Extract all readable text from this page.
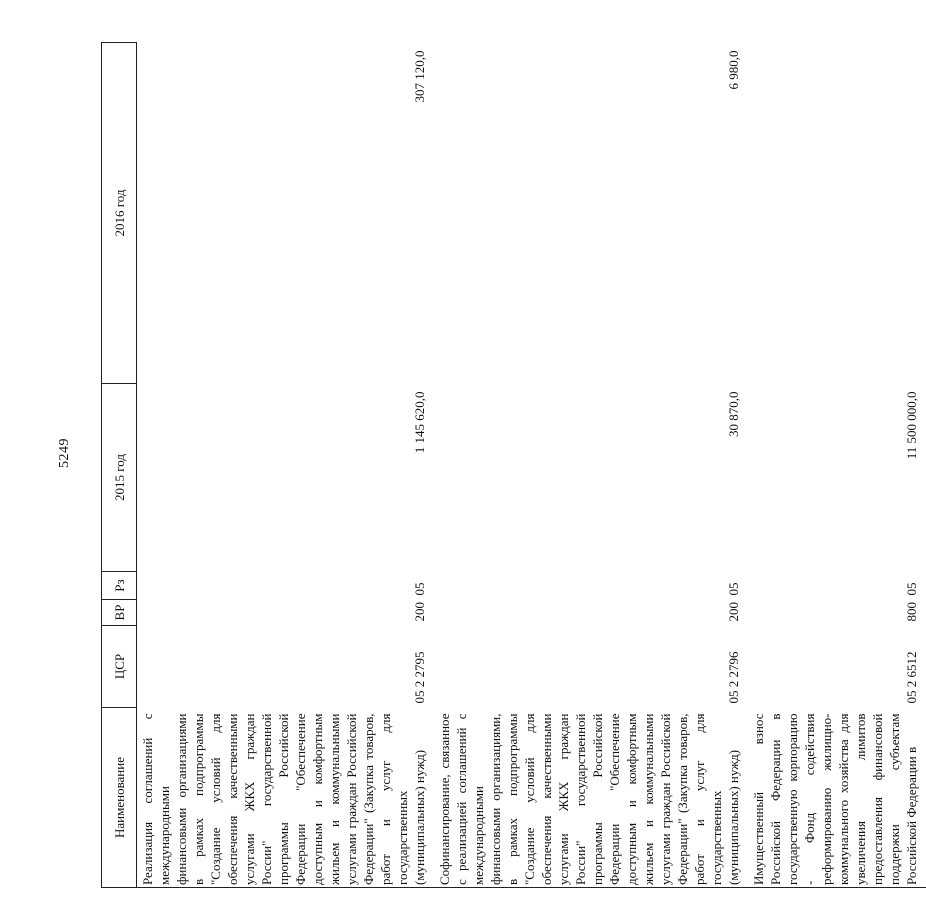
5249
Наименование	ЦСР	ВР	Рз	2015 год	2016 год
Реализация соглашений с международными финансовыми организациями в рамках подпрограммы "Создание условий для обеспечения качественными услугами ЖКХ граждан России" государственной программы Российской Федерации "Обеспечение доступным и комфортным жильем и коммунальными услугами граждан Российской Федерации" (Закупка товаров, работ и услуг для государственных (муниципальных) нужд)	05 2 2795	200	05	1 145 620,0	307 120,0
Софинансирование, связанное с реализацией соглашений с международными финансовыми организациями, в рамках подпрограммы "Создание условий для обеспечения качественными услугами ЖКХ граждан России" государственной программы Российской Федерации "Обеспечение доступным и комфортным жильем и коммунальными услугами граждан Российской Федерации" (Закупка товаров, работ и услуг для государственных (муниципальных) нужд)	05 2 2796	200	05	30 870,0	6 980,0
Имущественный взнос Российской Федерации в государственную корпорацию - Фонд содействия реформированию жилищно-коммунального хозяйства для увеличения лимитов предоставления финансовой поддержки субъектам Российской Федерации в	05 2 6512	800	05	11 500 000,0	
